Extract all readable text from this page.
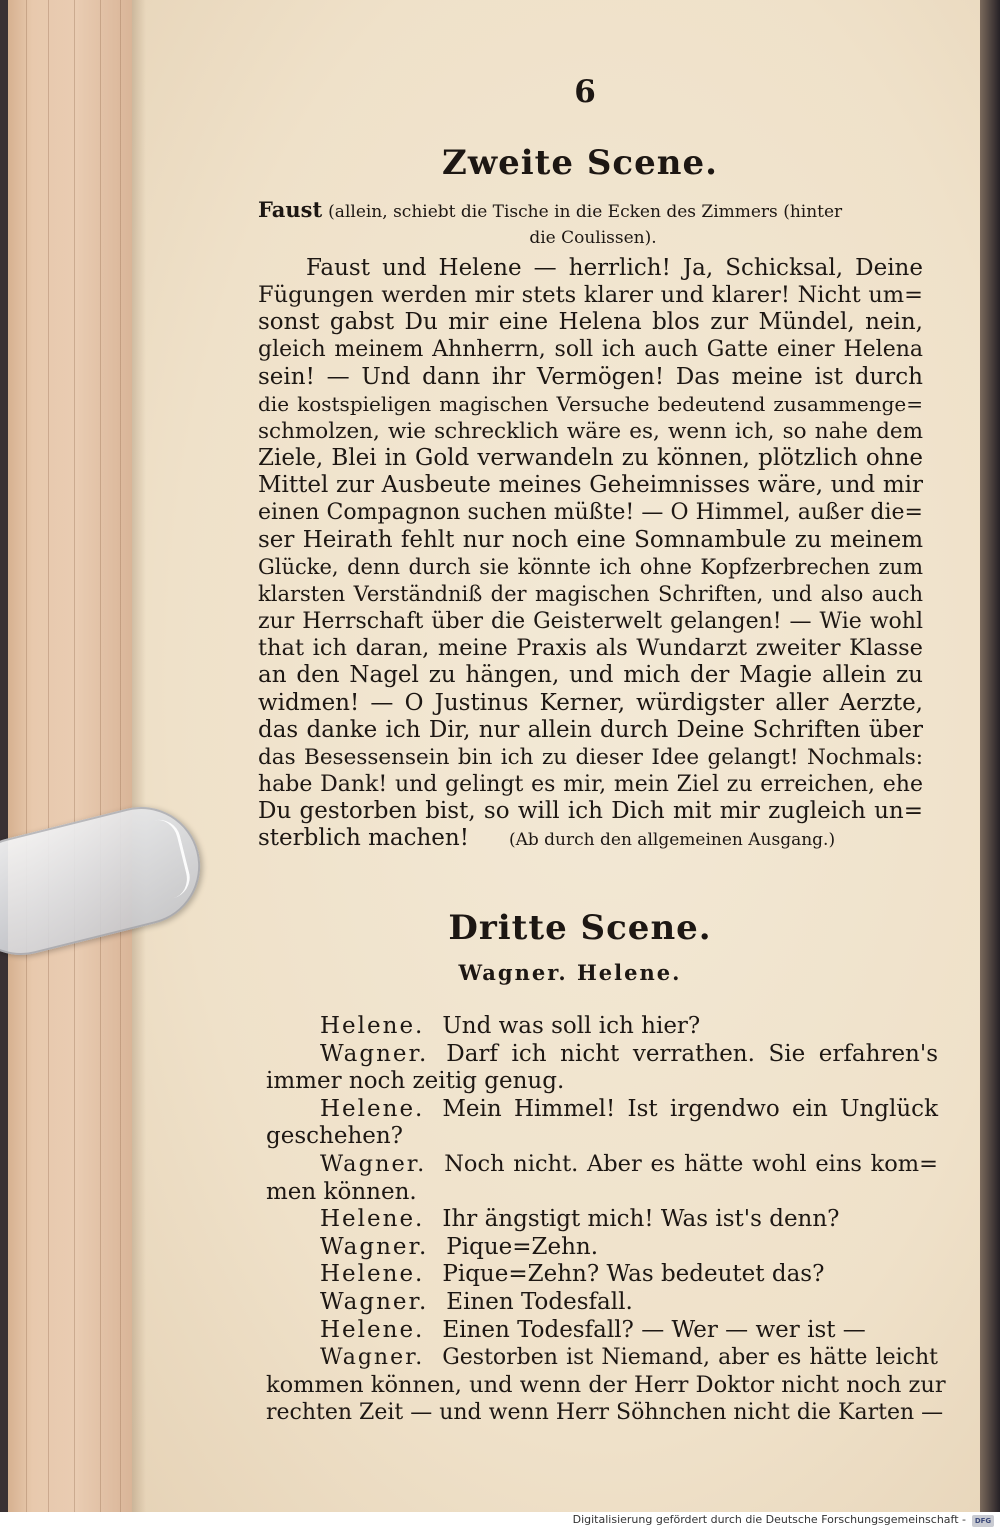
6
Zweite Scene.
Faust (allein, schiebt die Tische in die Ecken des Zimmers (hinter
die Coulissen).
Faust und Helene — herrlich! Ja, Schicksal, Deine
Fügungen werden mir stets klarer und klarer! Nicht um=
sonst gabst Du mir eine Helena blos zur Mündel, nein,
gleich meinem Ahnherrn, soll ich auch Gatte einer Helena
sein! — Und dann ihr Vermögen! Das meine ist durch
die kostspieligen magischen Versuche bedeutend zusammenge=
schmolzen, wie schrecklich wäre es, wenn ich, so nahe dem
Ziele, Blei in Gold verwandeln zu können, plötzlich ohne
Mittel zur Ausbeute meines Geheimnisses wäre, und mir
einen Compagnon suchen müßte! — O Himmel, außer die=
ser Heirath fehlt nur noch eine Somnambule zu meinem
Glücke, denn durch sie könnte ich ohne Kopfzerbrechen zum
klarsten Verständniß der magischen Schriften, und also auch
zur Herrschaft über die Geisterwelt gelangen! — Wie wohl
that ich daran, meine Praxis als Wundarzt zweiter Klasse
an den Nagel zu hängen, und mich der Magie allein zu
widmen! — O Justinus Kerner, würdigster aller Aerzte,
das danke ich Dir, nur allein durch Deine Schriften über
das Besessensein bin ich zu dieser Idee gelangt! Nochmals:
habe Dank! und gelingt es mir, mein Ziel zu erreichen, ehe
Du gestorben bist, so will ich Dich mit mir zugleich un=
sterblich machen! (Ab durch den allgemeinen Ausgang.)
Dritte Scene.
Wagner. Helene.
Helene. Und was soll ich hier?
Wagner. Darf ich nicht verrathen. Sie erfahren's
immer noch zeitig genug.
Helene. Mein Himmel! Ist irgendwo ein Unglück
geschehen?
Wagner. Noch nicht. Aber es hätte wohl eins kom=
men können.
Helene. Ihr ängstigt mich! Was ist's denn?
Wagner. Pique=Zehn.
Helene. Pique=Zehn? Was bedeutet das?
Wagner. Einen Todesfall.
Helene. Einen Todesfall? — Wer — wer ist —
Wagner. Gestorben ist Niemand, aber es hätte leicht
kommen können, und wenn der Herr Doktor nicht noch zur
rechten Zeit — und wenn Herr Söhnchen nicht die Karten —
Digitalisierung gefördert durch die Deutsche Forschungsgemeinschaft -	DFG
